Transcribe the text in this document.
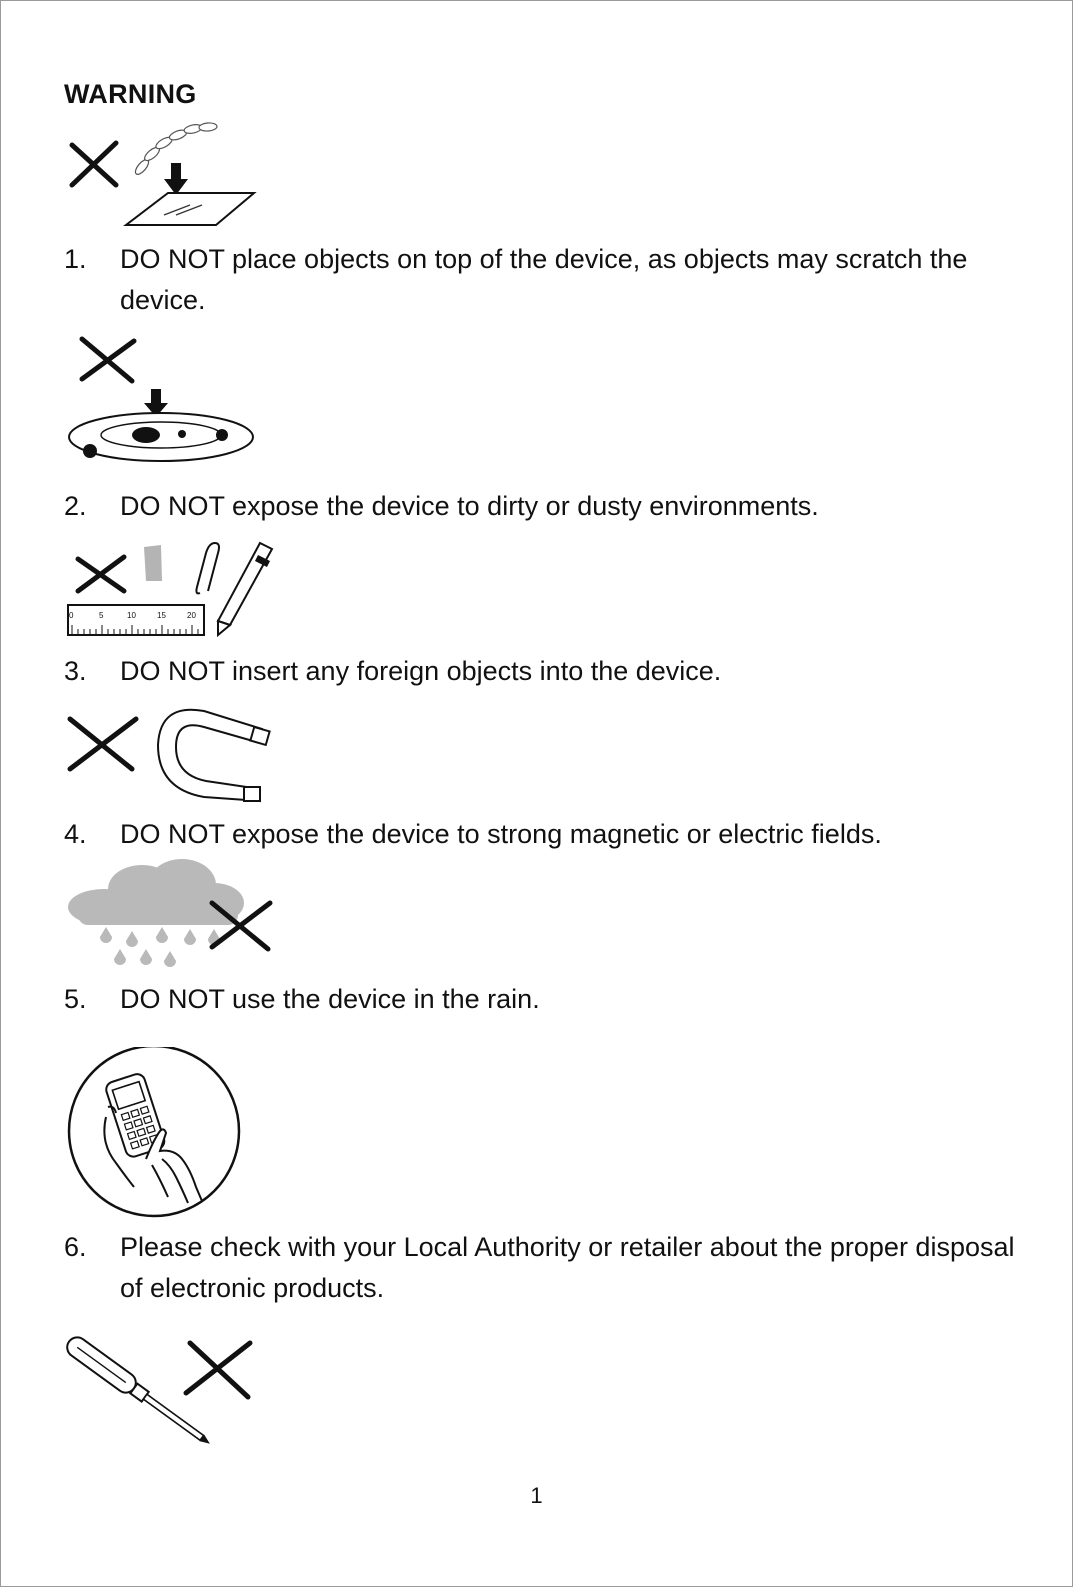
WARNING
1. DO NOT place objects on top of the device, as objects may scratch the device.
2. DO NOT expose the device to dirty or dusty environments.
0	5	10	15	20
3. DO NOT insert any foreign objects into the device.
4. DO NOT expose the device to strong magnetic or electric fields.
5. DO NOT use the device in the rain.
6. Please check with your Local Authority or retailer about the proper disposal of electronic products.
1
